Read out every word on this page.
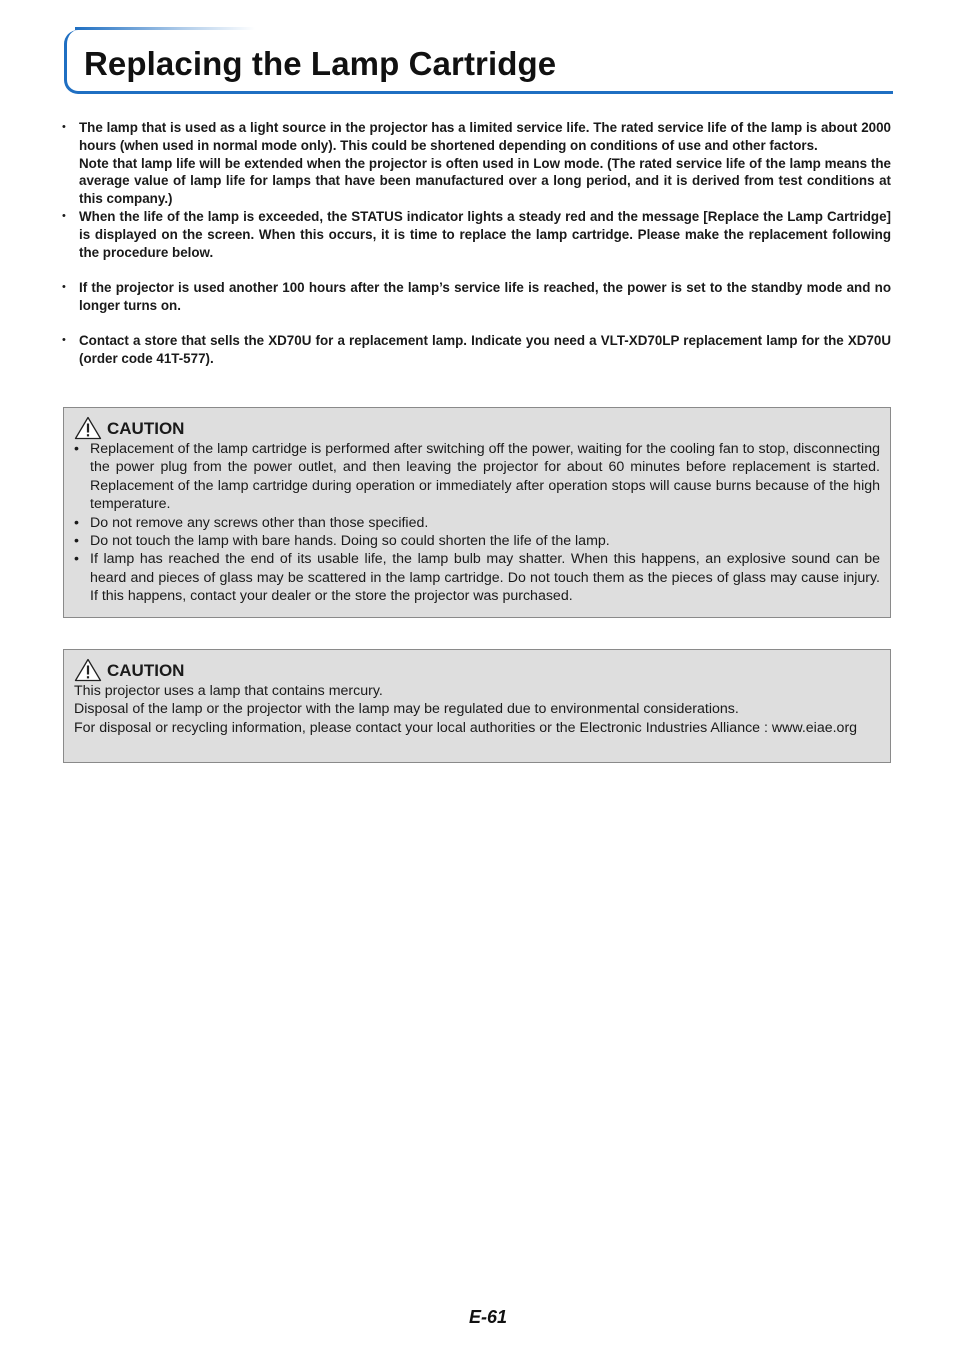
Replacing the Lamp Cartridge
• The lamp that is used as a light source in the projector has a limited service life. The rated service life of the lamp is about 2000 hours (when used in normal mode only). This could be shortened depending on conditions of use and other factors.

Note that lamp life will be extended when the projector is often used in Low mode. (The rated service life of the lamp means the average value of lamp life for lamps that have been manufactured over a long period, and it is derived from test conditions at this company.)

• When the life of the lamp is exceeded, the STATUS indicator lights a steady red and the message [Replace the Lamp Cartridge] is displayed on the screen. When this occurs, it is time to replace the lamp cartridge. Please make the replacement following the procedure below.

• If the projector is used another 100 hours after the lamp’s service life is reached, the power is set to the standby mode and no longer turns on.

• Contact a store that sells the XD70U for a replacement lamp. Indicate you need a VLT-XD70LP replacement lamp for the XD70U (order code 41T-577).

CAUTION
• Replacement of the lamp cartridge is performed after switching off the power, waiting for the cooling fan to stop, disconnecting the power plug from the power outlet, and then leaving the projector for about 60 minutes before replacement is started. Replacement of the lamp cartridge during operation or immediately after operation stops will cause burns because of the high temperature.
• Do not remove any screws other than those specified.
• Do not touch the lamp with bare hands. Doing so could shorten the life of the lamp.
• If lamp has reached the end of its usable life, the lamp bulb may shatter. When this happens, an explosive sound can be heard and pieces of glass may be scattered in the lamp cartridge. Do not touch them as the pieces of glass may cause injury. If this happens, contact your dealer or the store the projector was purchased.
CAUTION

This projector uses a lamp that contains mercury.

Disposal of the lamp or the projector with the lamp may be regulated due to environmental considerations.

For disposal or recycling information, please contact your local authorities or the Electronic Industries Alliance : www.eiae.org

E-61
